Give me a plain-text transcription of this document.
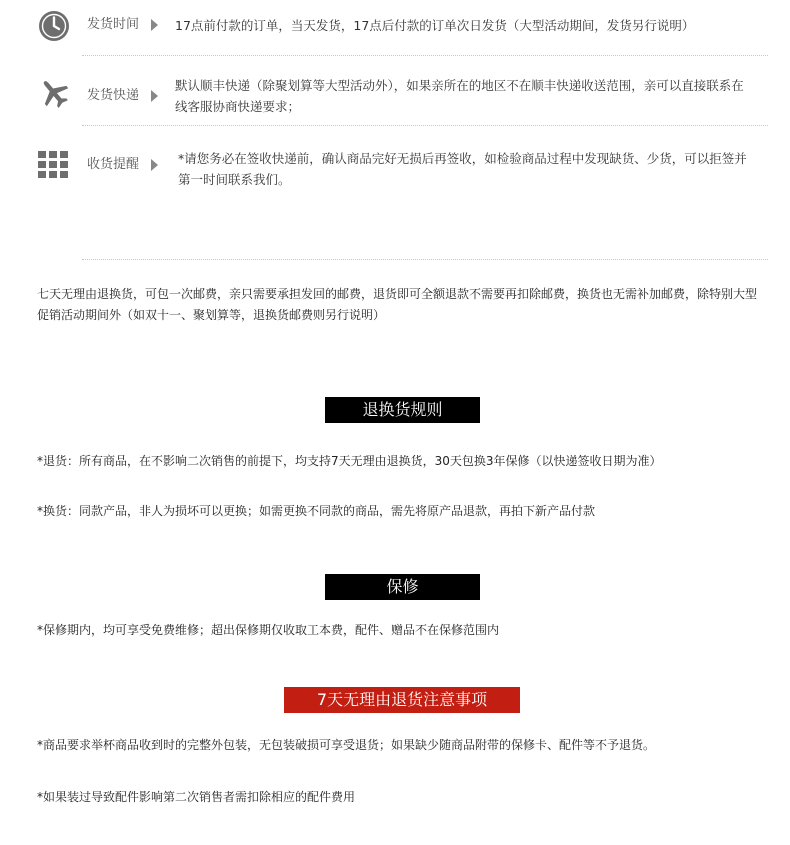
发货时间	17点前付款的订单，当天发货，17点后付款的订单次日发货（大型活动期间，发货另行说明）
发货快递
默认顺丰快递（除聚划算等大型活动外），如果亲所在的地区不在顺丰快递收送范围，亲可以直接联系在线客服协商快递要求；
收货提醒	*请您务必在签收快递前，确认商品完好无损后再签收，如检验商品过程中发现缺货、少货，可以拒签并第一时间联系我们。
七天无理由退换货，可包一次邮费，亲只需要承担发回的邮费，退货即可全额退款不需要再扣除邮费，换货也无需补加邮费，除特别大型促销活动期间外（如双十一、聚划算等，退换货邮费则另行说明）
退换货规则
*退货：所有商品，在不影响二次销售的前提下，均支持7天无理由退换货，30天包换3年保修（以快递签收日期为准）
*换货：同款产品，非人为损坏可以更换；如需更换不同款的商品，需先将原产品退款，再拍下新产品付款
保修
*保修期内，均可享受免费维修；超出保修期仅收取工本费，配件、赠品不在保修范围内
7天无理由退货注意事项
*商品要求举杯商品收到时的完整外包装，无包装破损可享受退货；如果缺少随商品附带的保修卡、配件等不予退货。
*如果装过导致配件影响第二次销售者需扣除相应的配件费用
